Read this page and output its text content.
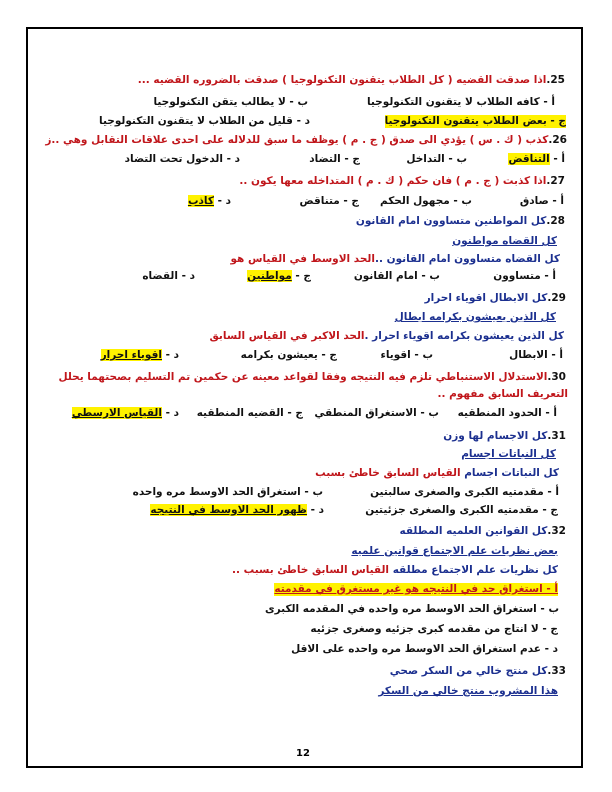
25.اذا صدقت القضيه ( كل الطلاب يتقنون التكنولوجيا ) صدقت بالضروره القضيه ...
أ - كافه الطلاب لا يتقنون التكنولوجيا
ب - لا يطالب يتقن التكنولوجيا
ج - بعض الطلاب يتقنون التكنولوجيا
د - قليل من الطلاب لا يتقنون التكنولوجيا
26.كذب ( ك . س ) يؤدي الى صدق ( ج . م ) يوظف ما سبق للدلاله على احدى علاقات التقابل وهي ..ز
أ - التناقض
ب - التداخل
ج - التضاد
د - الدخول تحت التضاد
27.اذا كذبت ( ج . م ) فان حكم ( ك . م ) المتداخله معها يكون ..
أ - صادق
ب - مجهول الحكم
ج - متناقض
د - كاذب
28.كل المواطنين متساوون امام القانون
كل القضاه مواطنون
كل القضاه متساوون امام القانون ..الحد الاوسط في القياس هو
أ - متساوون
ب - امام القانون
ج - مواطنين
د - القضاه
29.كل الابطال اقوياء احرار
كل الذين يعيشون بكرامه ابطال
كل الذين يعيشون بكرامه اقوياء احرار .الحد الاكبر في القياس السابق
أ - الابطال
ب - اقوياء
ج - يعيشون بكرامه
د - اقوياء احرار
30.الاستدلال الاستنباطي تلزم فيه النتيجه وفقا لقواعد معينه عن حكمين تم التسليم بصحتهما يحلل
التعريف السابق مفهوم ..
أ - الحدود المنطقيه
ب - الاستغراق المنطقي
ج - القضيه المنطقيه
د - القياس الارسطي
31.كل الاجسام لها وزن
كل النباتات اجسام
كل النباتات اجسام القياس السابق خاطئ بسبب
أ - مقدمتيه الكبرى والصغرى سالبتين
ب - استغراق الحد الاوسط مره واحده
ج - مقدمتيه الكبرى والصغرى جزئيتين
د - ظهور الحد الاوسط في النتيجه
32.كل القوانين العلميه المطلقه
بعض نظريات علم الاجتماع قوانين علميه
كل نظريات علم الاجتماع مطلقه القياس السابق خاطئ بسبب ..
أ - استغراق حد في النتيجه هو غير مستغرق في مقدمته
ب - استغراق الحد الاوسط مره واحده في المقدمه الكبرى
ج - لا انتاج من مقدمه كبرى جزئيه وصغرى جزئيه
د - عدم استغراق الحد الاوسط مره واحده على الاقل
33.كل منتج خالي من السكر صحي
هذا المشروب منتج خالي من السكر
12
